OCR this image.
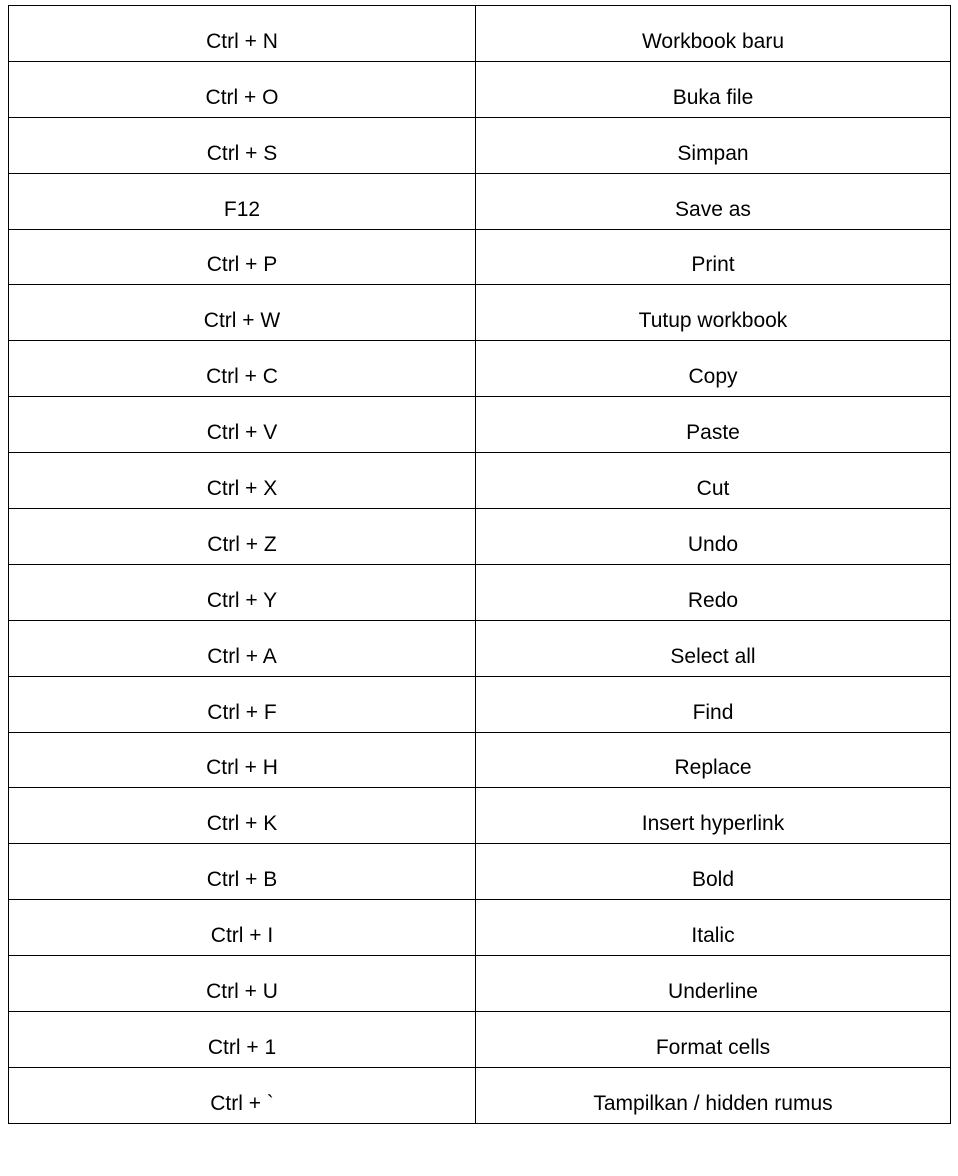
Ctrl + N	Workbook baru
Ctrl + O	Buka file
Ctrl + S	Simpan
F12	Save as
Ctrl + P	Print
Ctrl + W	Tutup workbook
Ctrl + C	Copy
Ctrl + V	Paste
Ctrl + X	Cut
Ctrl + Z	Undo
Ctrl + Y	Redo
Ctrl + A	Select all
Ctrl + F	Find
Ctrl + H	Replace
Ctrl + K	Insert hyperlink
Ctrl + B	Bold
Ctrl + I	Italic
Ctrl + U	Underline
Ctrl + 1	Format cells
Ctrl + `	Tampilkan / hidden rumus
